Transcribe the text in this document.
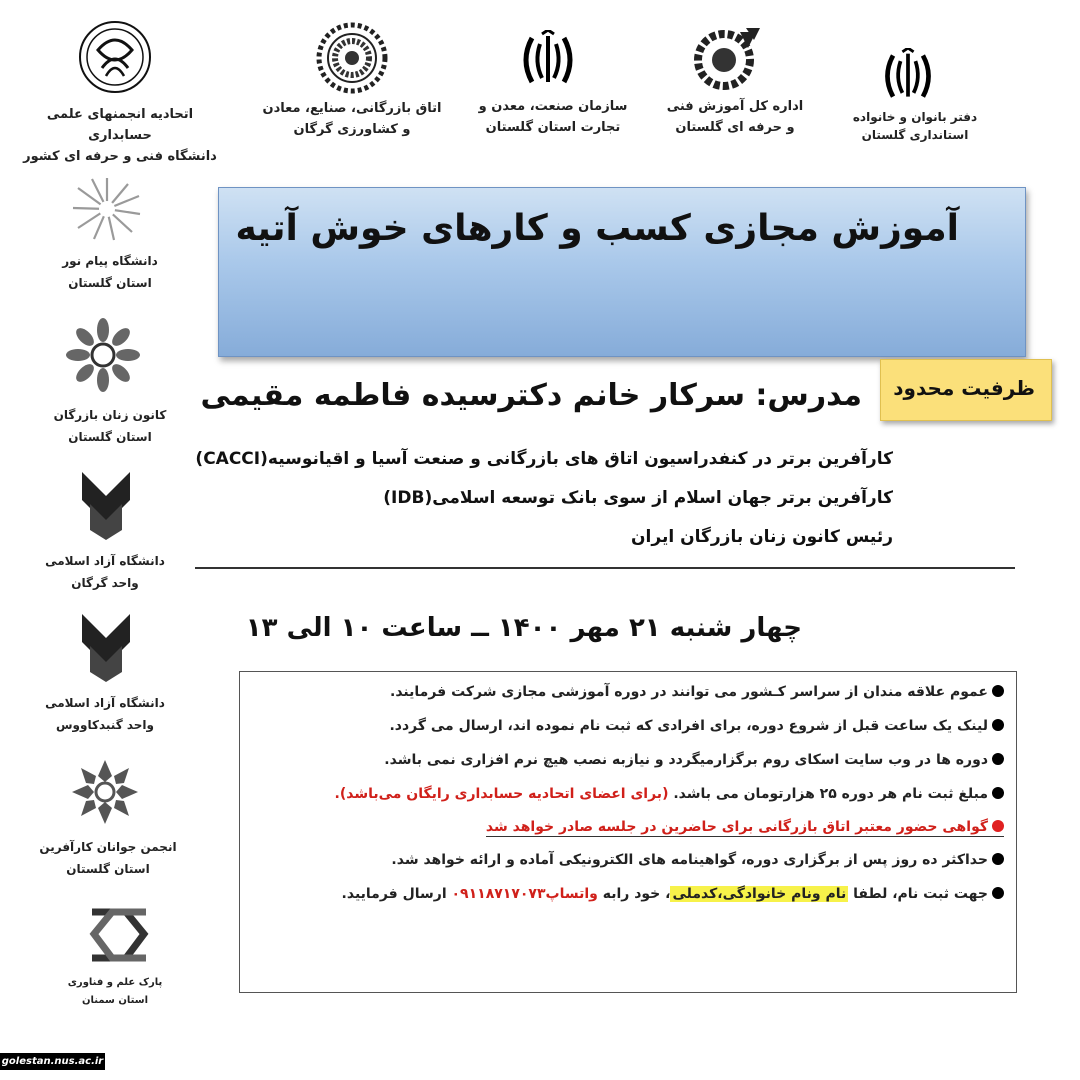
اتحادیه انجمنهای علمی حسابداری
دانشگاه فنی و حرفه ای کشور
اتاق بازرگانی، صنایع، معادن
و کشاورزی گرگان
سازمان صنعت، معدن و
تجارت استان گلستان
اداره کل آموزش فنی
و حرفه ای گلستان
دفتر بانوان و خانواده
استانداری گلستان
دانشگاه پیام نور
استان گلستان
کانون زنان بازرگان
استان گلستان
دانشگاه آزاد اسلامی
واحد گرگان
دانشگاه آزاد اسلامی
واحد گنبدکاووس
انجمن جوانان کارآفرین
استان گلستان
پارک علم و فناوری
استان سمنان
آموزش مجازی کسب و کارهای خوش آتیه
ظرفیت محدود
مدرس: سرکار خانم دکترسیده فاطمه مقیمی
کارآفرین برتر در کنفدراسیون اتاق های بازرگانی و صنعت آسیا و اقیانوسیه(CACCI)
کارآفرین برتر جهان اسلام از سوی بانک توسعه اسلامی(IDB)
رئیس کانون زنان بازرگان ایران
چهار شنبه ۲۱ مهر ۱۴۰۰ ــ ساعت ۱۰ الی ۱۳
عموم علاقه مندان از سراسر کـشور می توانند در دوره آموزشی مجازی شرکت فرمایند.
لینک یک ساعت قبل از شروع دوره، برای افرادی که ثبت نام نموده اند، ارسال می گردد.
دوره ها در وب سایت اسکای روم برگزارمیگردد و نیازبه نصب هیچ نرم افزاری نمی باشد.
مبلغ ثبت نام هر دوره ۲۵ هزارتومان می باشد. (برای اعضای اتحادیه حسابداری رایگان می‌باشد).
گواهی حضور معتبر اتاق بازرگانی برای حاضرین در جلسه صادر خواهد شد
حداکثر ده روز پس از برگزاری دوره، گواهینامه های الکترونیکی آماده و ارائه خواهد شد.
جهت ثبت نام، لطفا نام ونام خانوادگی،کدملی، خود رابه واتساپ۰۹۱۱۸۷۱۷۰۷۳ ارسال فرمایید.
golestan.nus.ac.ir
